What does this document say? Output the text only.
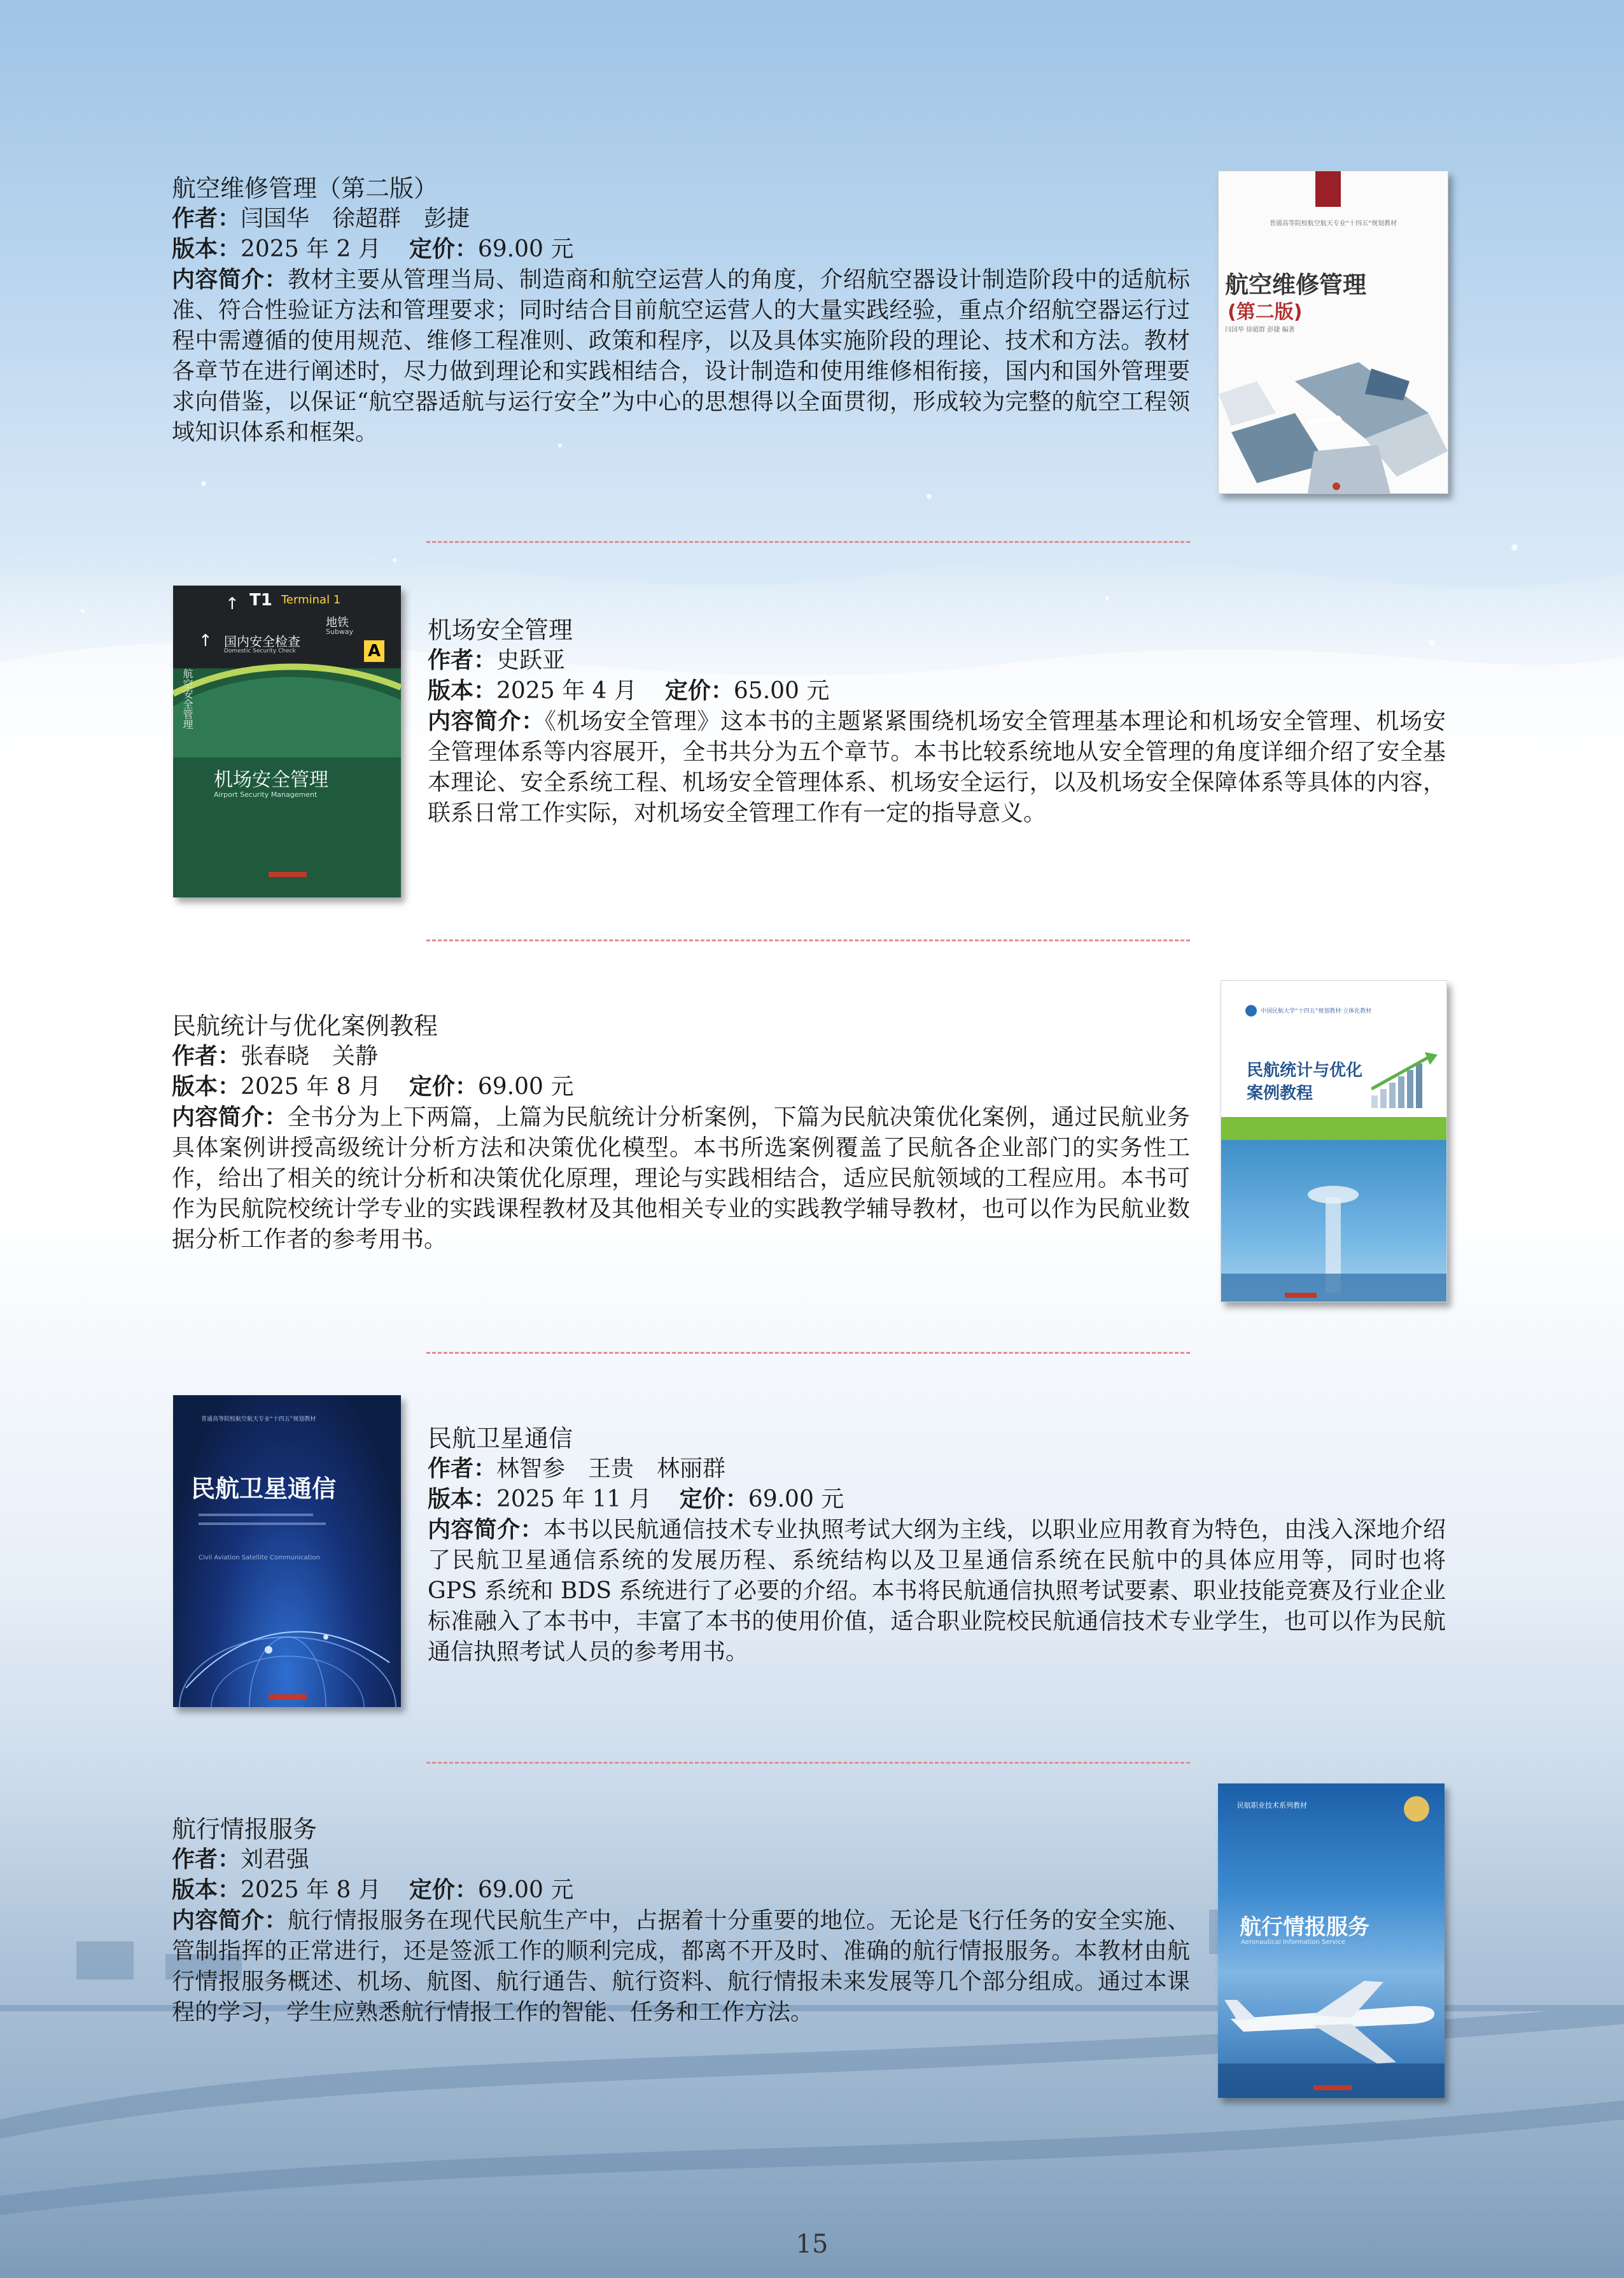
航空维修管理（第二版）
作者：闫国华　徐超群　彭捷
版本：2025 年 2 月 定价：69.00 元
内容简介：教材主要从管理当局、制造商和航空运营人的角度，介绍航空器设计制造阶段中的适航标准、符合性验证方法和管理要求；同时结合目前航空运营人的大量实践经验，重点介绍航空器运行过程中需遵循的使用规范、维修工程准则、政策和程序，以及具体实施阶段的理论、技术和方法。教材各章节在进行阐述时，尽力做到理论和实践相结合，设计制造和使用维修相衔接，国内和国外管理要求向借鉴，以保证“航空器适航与运行安全”为中心的思想得以全面贯彻，形成较为完整的航空工程领域知识体系和框架。
普通高等院校航空航天专业“十四五”规划教材
航空维修管理
(第二版)
闫国华 徐超群 彭捷 编著
T1 Terminal 1
地铁
Subway
国内安全检查
Domestic Security Check	A
↑
↑
航空安全管理
机场安全管理
Airport Security Management
机场安全管理
作者：史跃亚
版本：2025 年 4 月 定价：65.00 元
内容简介：《机场安全管理》这本书的主题紧紧围绕机场安全管理基本理论和机场安全管理、机场安全管理体系等内容展开，全书共分为五个章节。本书比较系统地从安全管理的角度详细介绍了安全基本理论、安全系统工程、机场安全管理体系、机场安全运行，以及机场安全保障体系等具体的内容，联系日常工作实际，对机场安全管理工作有一定的指导意义。
民航统计与优化案例教程
作者：张春晓　关静
版本：2025 年 8 月 定价：69.00 元
内容简介：全书分为上下两篇，上篇为民航统计分析案例，下篇为民航决策优化案例，通过民航业务具体案例讲授高级统计分析方法和决策优化模型。本书所选案例覆盖了民航各企业部门的实务性工作，给出了相关的统计分析和决策优化原理，理论与实践相结合，适应民航领域的工程应用。本书可作为民航院校统计学专业的实践课程教材及其他相关专业的实践教学辅导教材，也可以作为民航业数据分析工作者的参考用书。
中国民航大学“十四五”规划教材·立体化教材
民航统计与优化
案例教程
普通高等院校航空航天专业“十四五”规划教材
民航卫星通信
Civil Aviation Satellite Communication
民航卫星通信
作者：林智参　王贵　林丽群
版本：2025 年 11 月 定价：69.00 元
内容简介：本书以民航通信技术专业执照考试大纲为主线，以职业应用教育为特色，由浅入深地介绍了民航卫星通信系统的发展历程、系统结构以及卫星通信系统在民航中的具体应用等，同时也将 GPS 系统和 BDS 系统进行了必要的介绍。本书将民航通信执照考试要素、职业技能竞赛及行业企业标准融入了本书中，丰富了本书的使用价值，适合职业院校民航通信技术专业学生，也可以作为民航通信执照考试人员的参考用书。
航行情报服务
作者：刘君强
版本：2025 年 8 月 定价：69.00 元
内容简介：航行情报服务在现代民航生产中，占据着十分重要的地位。无论是飞行任务的安全实施、管制指挥的正常进行，还是签派工作的顺利完成，都离不开及时、准确的航行情报服务。本教材由航行情报服务概述、机场、航图、航行通告、航行资料、航行情报未来发展等几个部分组成。通过本课程的学习，学生应熟悉航行情报工作的智能、任务和工作方法。
民航职业技术系列教材
航行情报服务
Aeronautical Information Service
15
